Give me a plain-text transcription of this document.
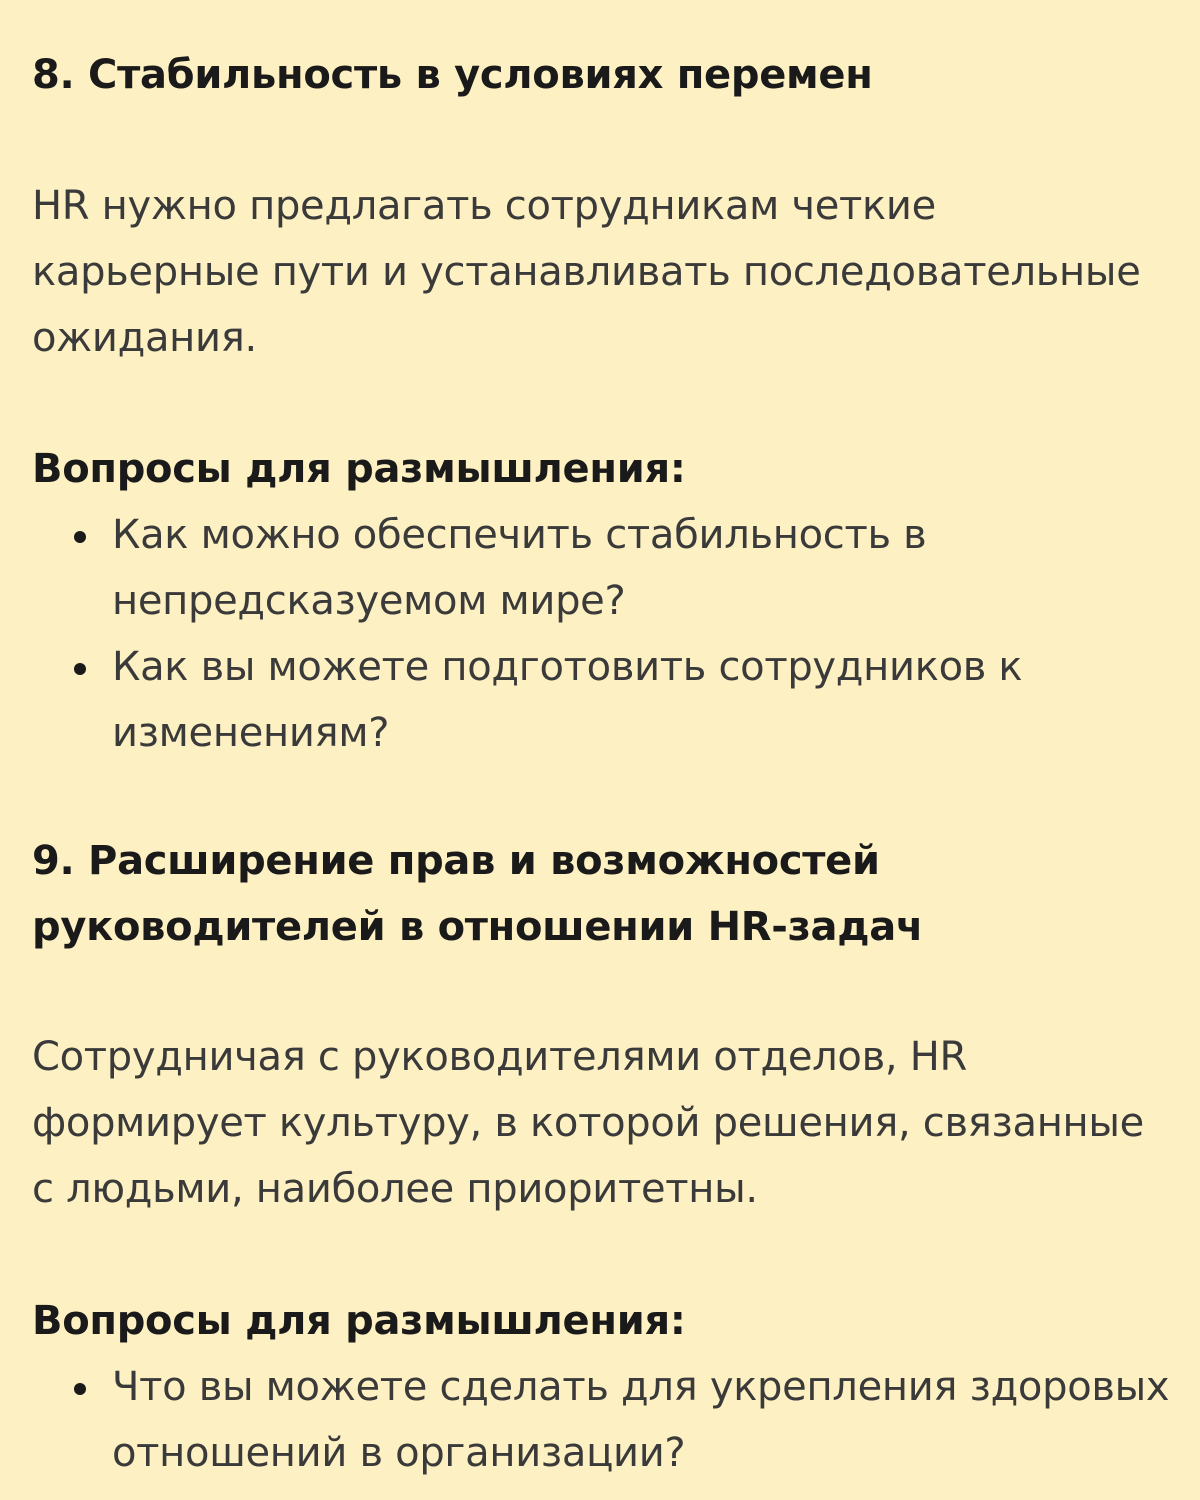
8. Стабильность в условиях перемен

HR нужно предлагать сотрудникам четкие карьерные пути и устанавливать последовательные ожидания.

Вопросы для размышления:
Как можно обеспечить стабильность в непредсказуемом мире?
Как вы можете подготовить сотрудников к изменениям?
9. Расширение прав и возможностей руководителей в отношении HR-задач

Сотрудничая с руководителями отделов, HR формирует культуру, в которой решения, связанные с людьми, наиболее приоритетны.

Вопросы для размышления:
Что вы можете сделать для укрепления здоровых отношений в организации?
